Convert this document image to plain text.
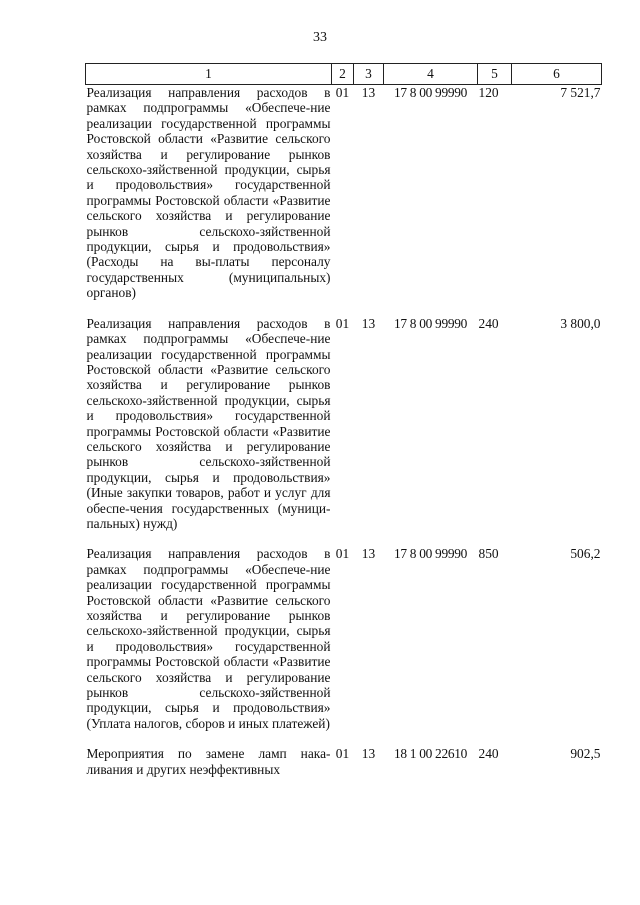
33
1	2	3	4	5	6
Реализация направления расходов в рамках подпрограммы «Обеспече-ние реализации государственной программы Ростовской области «Развитие сельского хозяйства и регулирование рынков сельскохо-зяйственной продукции, сырья и продовольствия» государственной программы Ростовской области «Развитие сельского хозяйства и регулирование рынков сельскохо-зяйственной продукции, сырья и продовольствия» (Расходы на вы-платы персоналу государственных (муниципальных) органов)	01	13	17 8 00 99990	120	7 521,7
Реализация направления расходов в рамках подпрограммы «Обеспече-ние реализации государственной программы Ростовской области «Развитие сельского хозяйства и регулирование рынков сельскохо-зяйственной продукции, сырья и продовольствия» государственной программы Ростовской области «Развитие сельского хозяйства и регулирование рынков сельскохо-зяйственной продукции, сырья и продовольствия» (Иные закупки товаров, работ и услуг для обеспе-чения государственных (муници-пальных) нужд)	01	13	17 8 00 99990	240	3 800,0
Реализация направления расходов в рамках подпрограммы «Обеспече-ние реализации государственной программы Ростовской области «Развитие сельского хозяйства и регулирование рынков сельскохо-зяйственной продукции, сырья и продовольствия» государственной программы Ростовской области «Развитие сельского хозяйства и регулирование рынков сельскохо-зяйственной продукции, сырья и продовольствия» (Уплата налогов, сборов и иных платежей)	01	13	17 8 00 99990	850	506,2
Мероприятия по замене ламп нака-ливания и других неэффективных	01	13	18 1 00 22610	240	902,5
